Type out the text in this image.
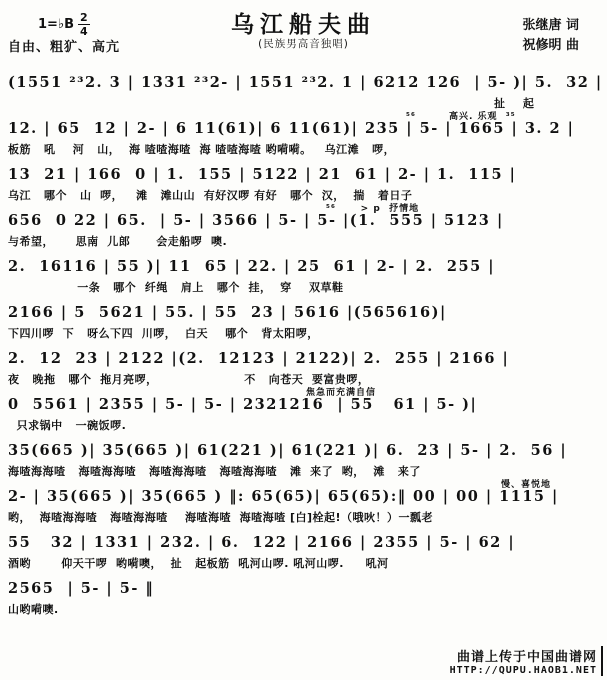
1=♭B $\frac{2}{4}$
自由、粗犷、高亢
乌江船夫曲
(民族男高音独唱)
张继唐 词
祝修明 曲
(1551 ²³2. 3 | 1331 ²³2- | 1551 ²³2. 1 | 6212 126  | 5- )| 5.  32 |
扯    起
⁵⁶        高兴. 乐观  ³⁵
12. | 65  12 | 2- | 6 11(61)| 6 11(61)| 235 | 5- | 1665 | 3. 2 |
板筋   吼    河   山，  海 喳喳海喳  海 喳喳海喳 哟嗬嗬。   乌江滩   啰，
13  21 | 166  0 | 1.  155 | 5122 | 21  61 | 2- | 1.  115 |
乌江   哪个   山  啰，   滩   滩山山  有好汉啰 有好   哪个  汉，  揣   着日子
⁵⁶      > p  抒情地
656  0 22 | 65.  | 5- | 3566 | 5- | 5- |(1.  555 | 5123 |
与希望，     思南  儿郎      会走船啰  噢.
2.  16116 | 55 )| 11  65 | 22. | 25  61 | 2- | 2.  255 |
一条   哪个  纤绳   肩上   哪个  挂，  穿    双草鞋
2166 | 5  5621 | 55. | 55  23 | 5616 |(565616)|
下四川啰  下   呀么下四  川啰，  白天    哪个   背太阳啰，
2.  12  23 | 2122 |(2.  12123 | 2122)| 2.  255 | 2166 |
夜   晚拖   哪个  拖月亮啰，                    不   向苍天  要富贵啰，
焦急而充满自信
0  5561 | 2355 | 5- | 5- | 2321216  | 55   61 | 5- )|
只求锅中   一碗饭啰.
35(665 )| 35(665 )| 61(221 )| 61(221 )| 6.  23 | 5- | 2.  56 |
海喳海海喳   海喳海海喳   海喳海海喳   海喳海海喳   滩  来了  哟，  滩   来了
慢、喜悦地
2- | 35(665 )| 35(665 ) ‖: 65(65)| 65(65):‖ 00 | 00 | 1115 |
哟，  海喳海海喳   海喳海海喳    海喳海喳  海喳海喳 [白]栓起!（哦吙！）一瓢老
55   32 | 1331 | 232. | 6.  122 | 2166 | 2355 | 5- | 62 |
酒哟       仰天干啰  哟嗬噢，  扯   起板筋  吼河山啰. 吼河山啰.     吼河
2565  | 5- | 5- ‖
山哟嗬噢.
曲谱上传于中国曲谱网
HTTP://QUPU.HAOB1.NET
